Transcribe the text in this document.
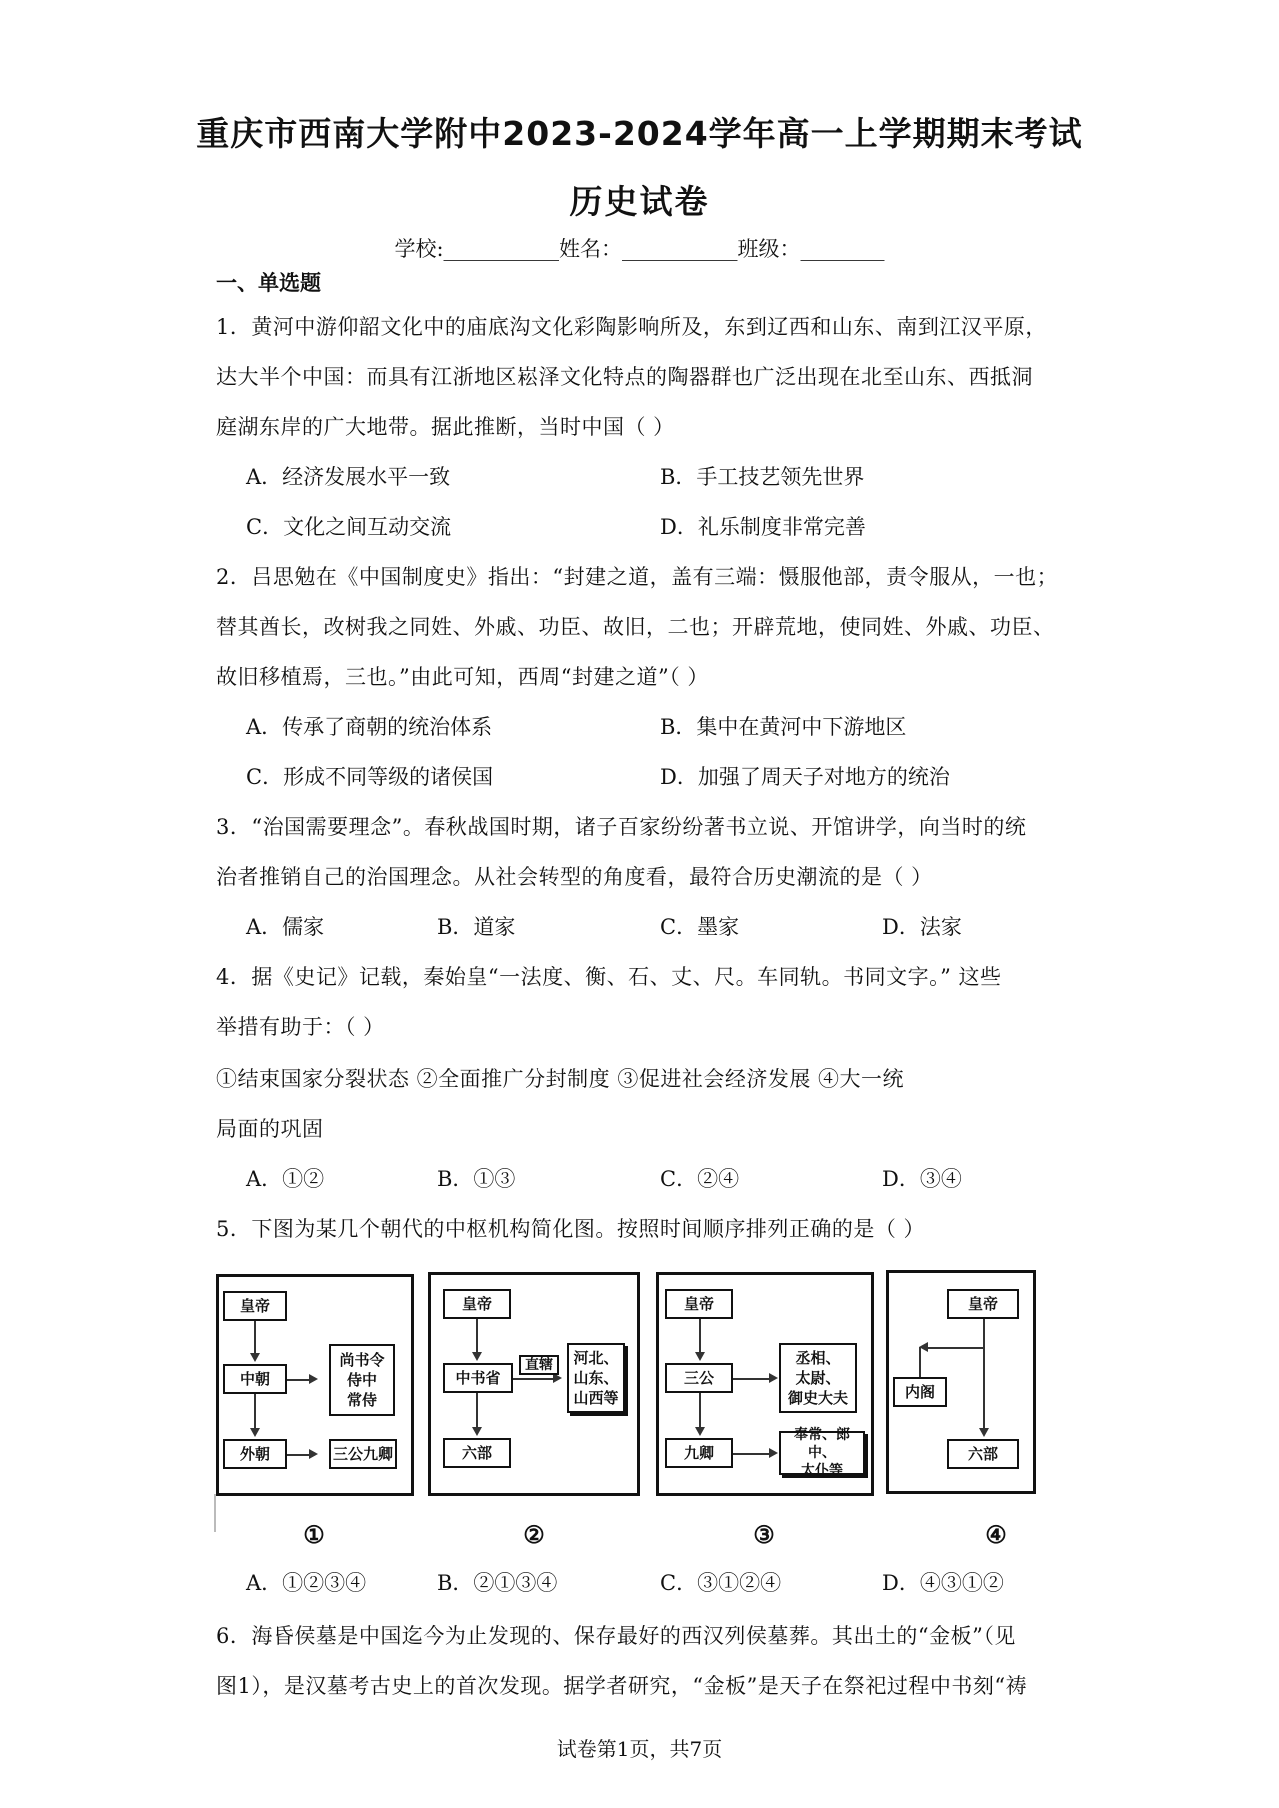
重庆市西南大学附中2023-2024学年高一上学期期末考试
历史试卷
学校:___________姓名：___________班级：________
一、单选题
1．黄河中游仰韶文化中的庙底沟文化彩陶影响所及，东到辽西和山东、南到江汉平原，
达大半个中国：而具有江浙地区崧泽文化特点的陶器群也广泛出现在北至山东、西抵洞
庭湖东岸的广大地带。据此推断，当时中国（ ）
A．经济发展水平一致	B．手工技艺领先世界
C．文化之间互动交流	D．礼乐制度非常完善
2．吕思勉在《中国制度史》指出：“封建之道，盖有三端：慑服他部，责令服从，一也；
替其酋长，改树我之同姓、外戚、功臣、故旧，二也；开辟荒地，使同姓、外戚、功臣、
故旧移植焉，三也。”由此可知，西周“封建之道”（ ）
A．传承了商朝的统治体系	B．集中在黄河中下游地区
C．形成不同等级的诸侯国	D．加强了周天子对地方的统治
3．“治国需要理念”。春秋战国时期，诸子百家纷纷著书立说、开馆讲学，向当时的统
治者推销自己的治国理念。从社会转型的角度看，最符合历史潮流的是（ ）
A．儒家	B．道家	C．墨家	D．法家
4．据《史记》记载，秦始皇“一法度、衡、石、丈、尺。车同轨。书同文字。” 这些
举措有助于：（ ）
①结束国家分裂状态 ②全面推广分封制度 ③促进社会经济发展 ④大一统
局面的巩固
A．①②	B．①③	C．②④	D．③④
5．下图为某几个朝代的中枢机构简化图。按照时间顺序排列正确的是（ ）
皇帝
中朝
尚书令
侍中
常侍
外朝	三公九卿
①
皇帝
中书省
直辖	河北、
山东、
山西等
六部
②
皇帝
三公
丞相、
太尉、
御史大夫
九卿
奉常、郎中、
太仆等
③
皇帝
内阁
六部
④
A．①②③④	B．②①③④	C．③①②④	D．④③①②
6．海昏侯墓是中国迄今为止发现的、保存最好的西汉列侯墓葬。其出土的“金板”（见
图1），是汉墓考古史上的首次发现。据学者研究，“金板”是天子在祭祀过程中书刻“祷
试卷第1页，共7页
